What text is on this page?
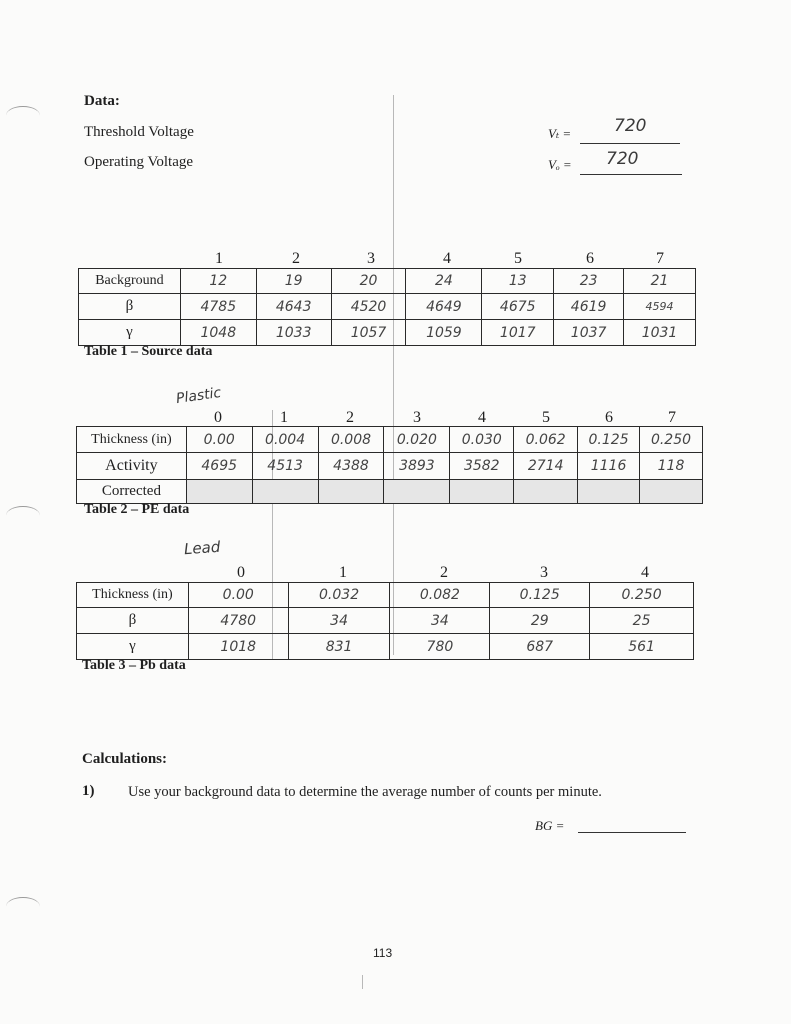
Data:
Threshold Voltage
Operating Voltage
Vₜ =	720
Vₒ = 720
1	2	3	4	5	6	7
Background	12	19	20	24	13	23	21
β	4785	4643	4520	4649	4675	4619	4594
γ	1048	1033	1057	1059	1017	1037	1031
Table 1 – Source data
Plastic
0	1	2	3	4	5	6	7
Thickness (in)	0.00	0.004	0.008	0.020	0.030	0.062	0.125	0.250
Activity	4695	4513	4388	3893	3582	2714	1116	118
Corrected								
Table 2 – PE data
Lead
0	1	2	3	4
Thickness (in)	0.00	0.032	0.082	0.125	0.250
β	4780	34	34	29	25
γ	1018	831	780	687	561
Table 3 – Pb data
Calculations:
1) Use your background data to determine the average number of counts per minute.
BG =
113
